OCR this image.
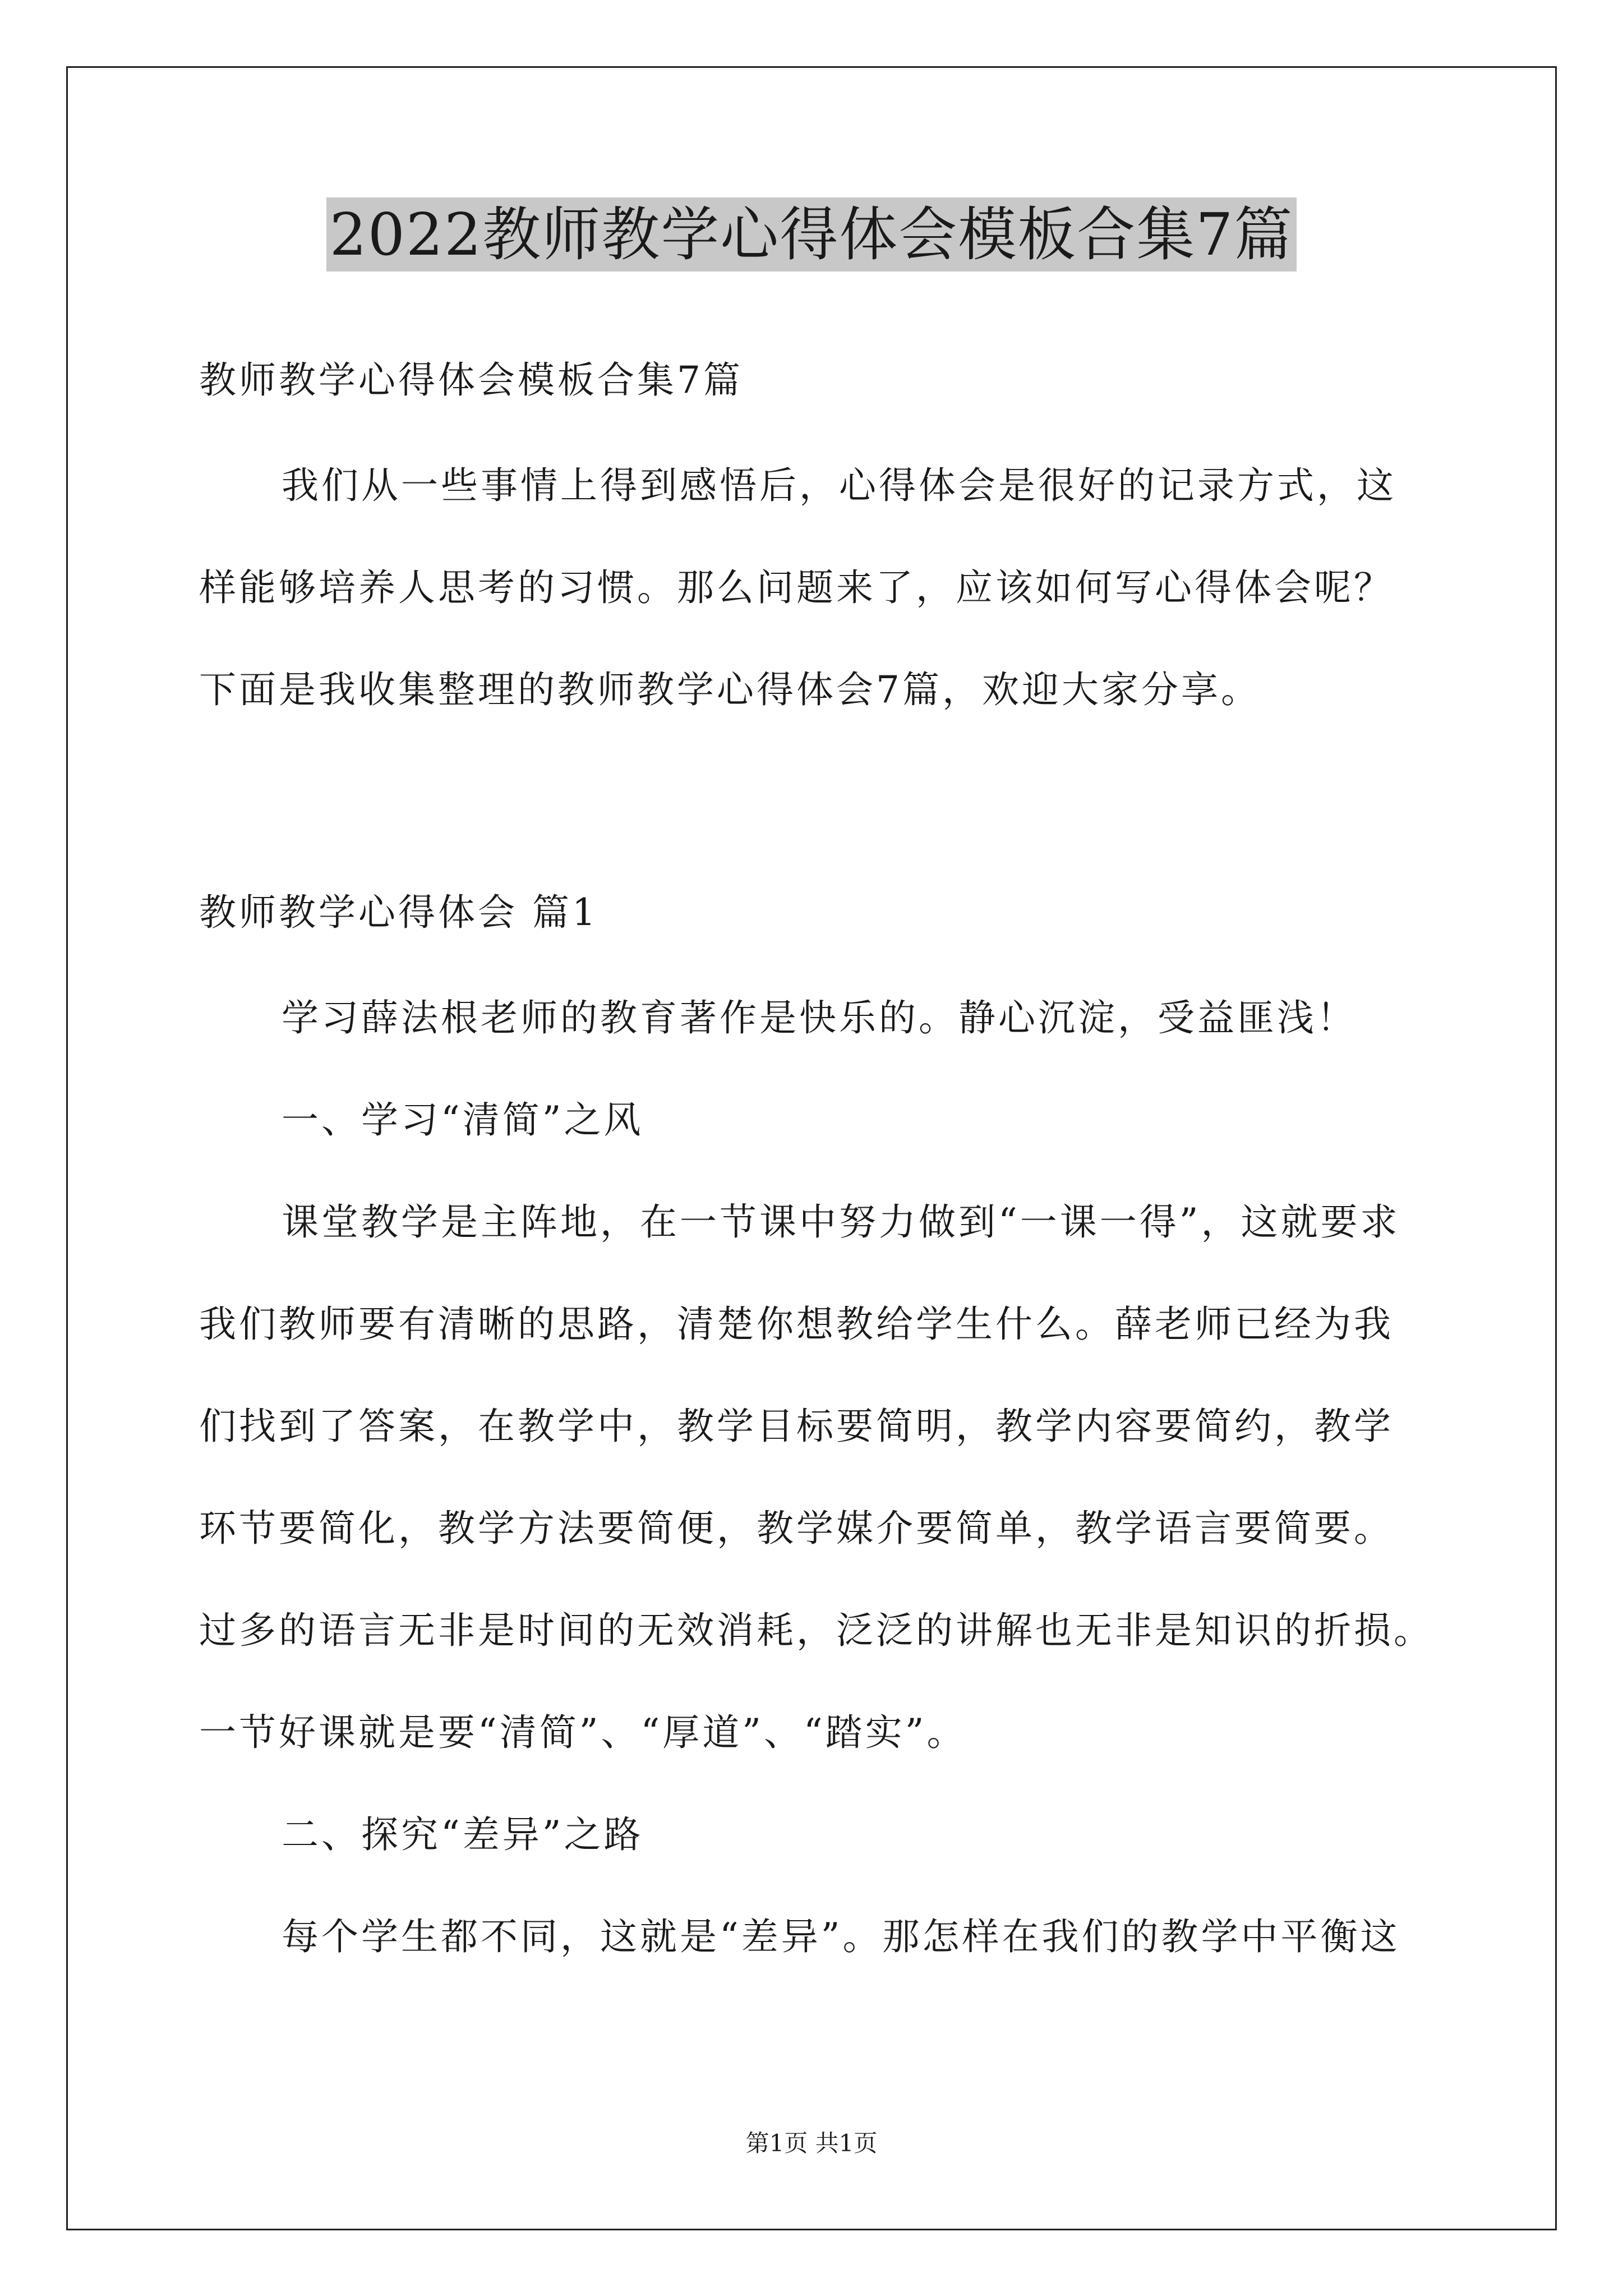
2022教师教学心得体会模板合集7篇
教师教学心得体会模板合集7篇
我们从一些事情上得到感悟后，心得体会是很好的记录方式，这
样能够培养人思考的习惯。那么问题来了，应该如何写心得体会呢？
下面是我收集整理的教师教学心得体会7篇，欢迎大家分享。
教师教学心得体会 篇1
学习薛法根老师的教育著作是快乐的。静心沉淀，受益匪浅！
一、学习“清简”之风
课堂教学是主阵地，在一节课中努力做到“一课一得”，这就要求
我们教师要有清晰的思路，清楚你想教给学生什么。薛老师已经为我
们找到了答案，在教学中，教学目标要简明，教学内容要简约，教学
环节要简化，教学方法要简便，教学媒介要简单，教学语言要简要。
过多的语言无非是时间的无效消耗，泛泛的讲解也无非是知识的折损。
一节好课就是要“清简”、“厚道”、“踏实”。
二、探究“差异”之路
每个学生都不同，这就是“差异”。那怎样在我们的教学中平衡这
第1页 共1页
